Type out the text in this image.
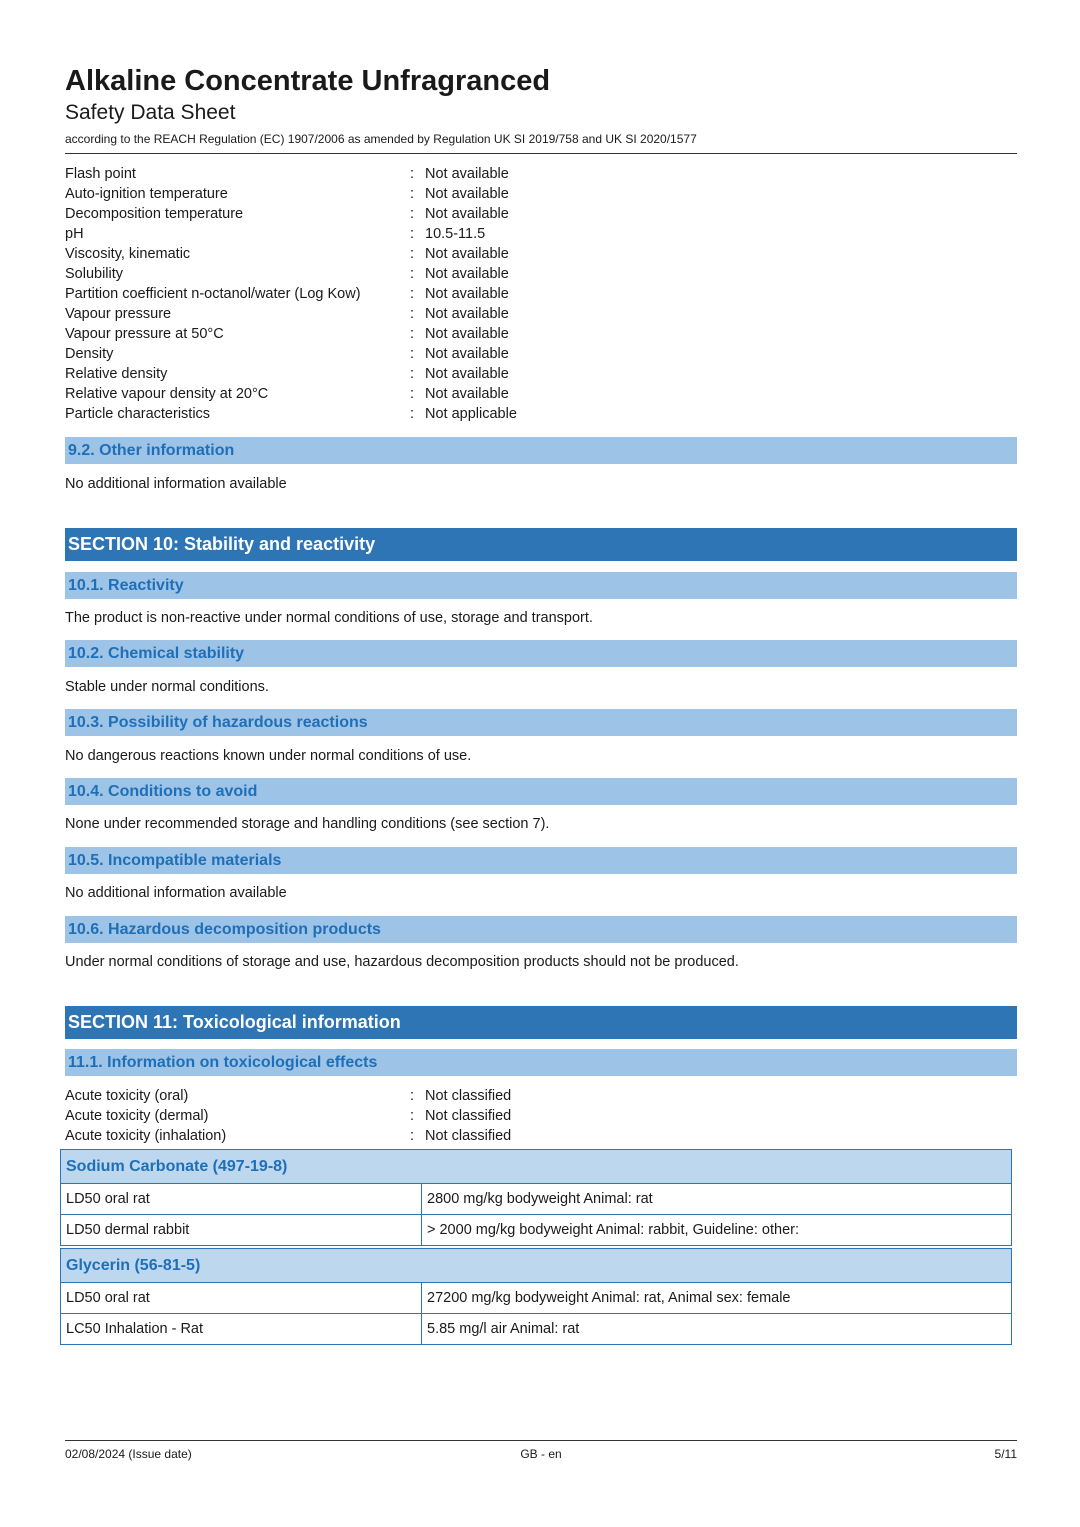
Alkaline Concentrate Unfragranced
Safety Data Sheet
according to the REACH Regulation (EC) 1907/2006 as amended by Regulation UK SI 2019/758 and UK SI 2020/1577
Flash point	: Not available
Auto-ignition temperature	: Not available
Decomposition temperature	: Not available
pH	: 10.5-11.5
Viscosity, kinematic	: Not available
Solubility	: Not available
Partition coefficient n-octanol/water (Log Kow)	: Not available
Vapour pressure	: Not available
Vapour pressure at 50°C	: Not available
Density	: Not available
Relative density	: Not available
Relative vapour density at 20°C	: Not available
Particle characteristics	: Not applicable
9.2. Other information
No additional information available
SECTION 10: Stability and reactivity
10.1. Reactivity
The product is non-reactive under normal conditions of use, storage and transport.
10.2. Chemical stability
Stable under normal conditions.
10.3. Possibility of hazardous reactions
No dangerous reactions known under normal conditions of use.
10.4. Conditions to avoid
None under recommended storage and handling conditions (see section 7).
10.5. Incompatible materials
No additional information available
10.6. Hazardous decomposition products
Under normal conditions of storage and use, hazardous decomposition products should not be produced.
SECTION 11: Toxicological information
11.1. Information on toxicological effects
Acute toxicity (oral)	: Not classified
Acute toxicity (dermal)	: Not classified
Acute toxicity (inhalation)	: Not classified
Sodium Carbonate (497-19-8)	
LD50 oral rat	2800 mg/kg bodyweight Animal: rat
LD50 dermal rabbit	> 2000 mg/kg bodyweight Animal: rabbit, Guideline: other:
Glycerin (56-81-5)	
LD50 oral rat	27200 mg/kg bodyweight Animal: rat, Animal sex: female
LC50 Inhalation - Rat	5.85 mg/l air Animal: rat
02/08/2024 (Issue date)	GB - en	5/11
